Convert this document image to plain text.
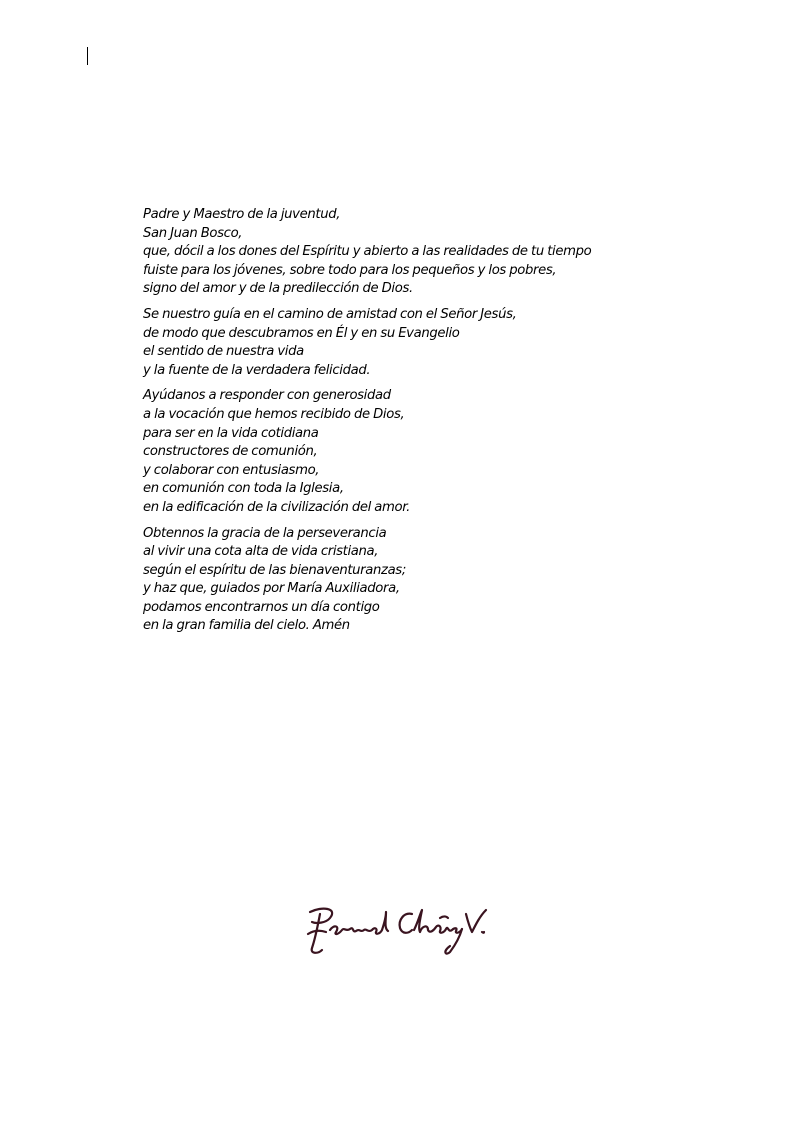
Padre y Maestro de la juventud,
San Juan Bosco,
que, dócil a los dones del Espíritu y abierto a las realidades de tu tiempo
fuiste para los jóvenes, sobre todo para los pequeños y los pobres,
signo del amor y de la predilección de Dios.

Se nuestro guía en el camino de amistad con el Señor Jesús,
de modo que descubramos en Él y en su Evangelio
el sentido de nuestra vida
y la fuente de la verdadera felicidad.

Ayúdanos a responder con generosidad
a la vocación que hemos recibido de Dios,
para ser en la vida cotidiana
constructores de comunión,
y colaborar con entusiasmo,
en comunión con toda la Iglesia,
en la edificación de la civilización del amor.

Obtennos la gracia de la perseverancia
al vivir una cota alta de vida cristiana,
según el espíritu de las bienaventuranzas;
y haz que, guiados por María Auxiliadora,
podamos encontrarnos un día contigo
en la gran familia del cielo. Amén
